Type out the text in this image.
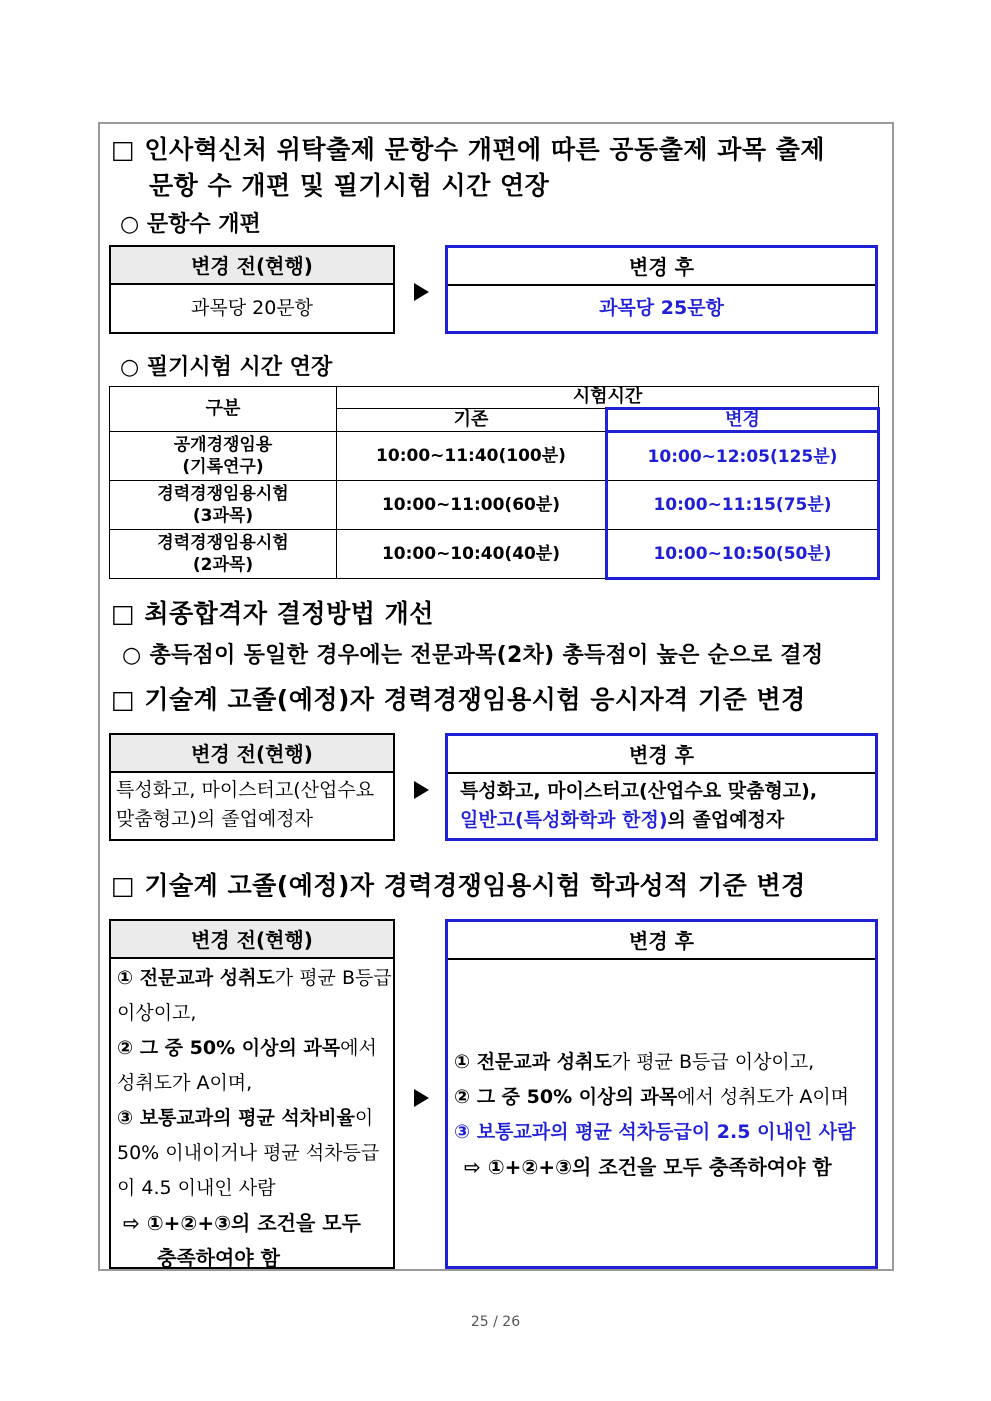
□ 인사혁신처 위탁출제 문항수 개편에 따른 공동출제 과목 출제
문항 수 개편 및 필기시험 시간 연장
○ 문항수 개편
변경 전(현행)
과목당 20문항
변경 후
과목당 25문항
○ 필기시험 시간 연장
구분	시험시간	
	기존	변경

공개경쟁임용
(기록연구)	10:00~11:40(100분)	10:00~12:05(125분)

경력경쟁임용시험
(3과목)	10:00~11:00(60분)	10:00~11:15(75분)

경력경쟁임용시험
(2과목)	10:00~10:40(40분)	10:00~10:50(50분)
□ 최종합격자 결정방법 개선
○ 총득점이 동일한 경우에는 전문과목(2차) 총득점이 높은 순으로 결정
□ 기술계 고졸(예정)자 경력경쟁임용시험 응시자격 기준 변경
변경 전(현행)
특성화고, 마이스터고(산업수요
맞춤형고)의 졸업예정자
변경 후
특성화고, 마이스터고(산업수요 맞춤형고),
일반고(특성화학과 한정)의 졸업예정자
□ 기술계 고졸(예정)자 경력경쟁임용시험 학과성적 기준 변경
변경 전(현행)
① 전문교과 성취도가 평균 B등급
이상이고,
② 그 중 50% 이상의 과목에서
성취도가 A이며,
③ 보통교과의 평균 석차비율이
50% 이내이거나 평균 석차등급
이 4.5 이내인 사람
⇨ ①+②+③의 조건을 모두
충족하여야 함
변경 후
① 전문교과 성취도가 평균 B등급 이상이고,
② 그 중 50% 이상의 과목에서 성취도가 A이며
③ 보통교과의 평균 석차등급이 2.5 이내인 사람
⇨ ①+②+③의 조건을 모두 충족하여야 함
25 / 26
